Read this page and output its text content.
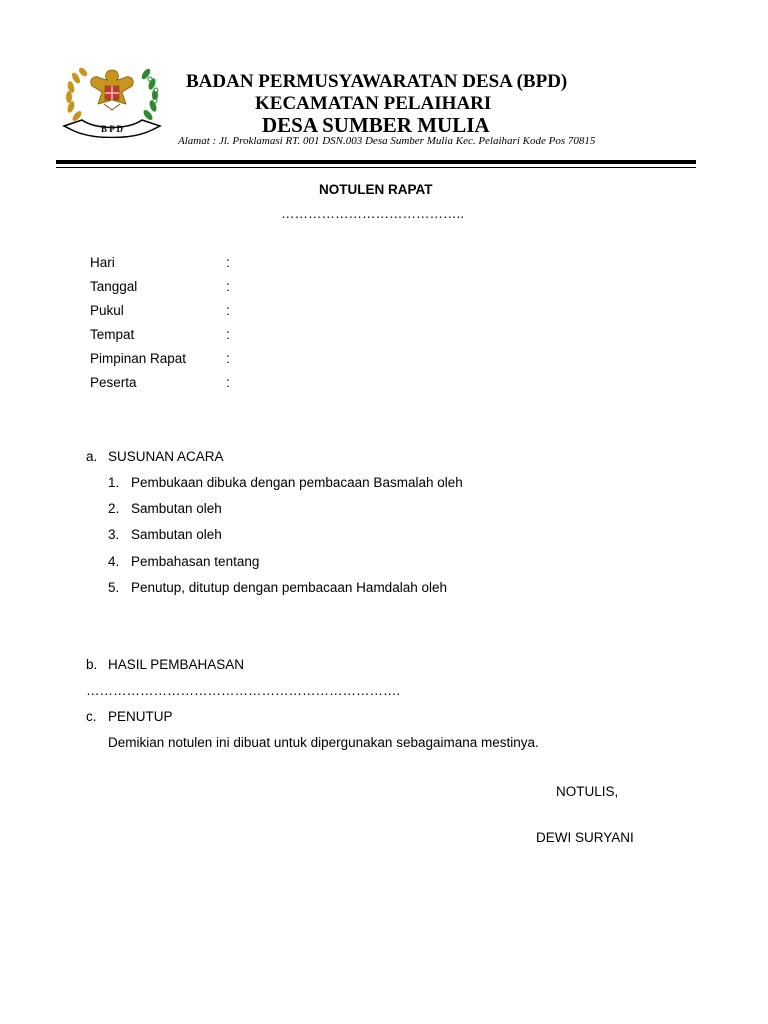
B P D
BADAN PERMUSYAWARATAN DESA (BPD)
KECAMATAN PELAIHARI
DESA SUMBER MULIA
Alamat : Jl. Proklamasi RT. 001 DSN.003 Desa Sumber Mulia Kec. Pelaihari Kode Pos 70815
NOTULEN RAPAT
…………………………………..
Hari	:
Tanggal	:
Pukul	:
Tempat	:
Pimpinan Rapat	:
Peserta	:
a. SUSUNAN ACARA
1. Pembukaan dibuka dengan pembacaan Basmalah oleh
2. Sambutan oleh
3. Sambutan oleh
4. Pembahasan tentang
5. Penutup, ditutup dengan pembacaan Hamdalah oleh
b. HASIL PEMBAHASAN
…………………………………………………………….
c. PENUTUP
Demikian notulen ini dibuat untuk dipergunakan sebagaimana mestinya.
NOTULIS,
DEWI SURYANI
